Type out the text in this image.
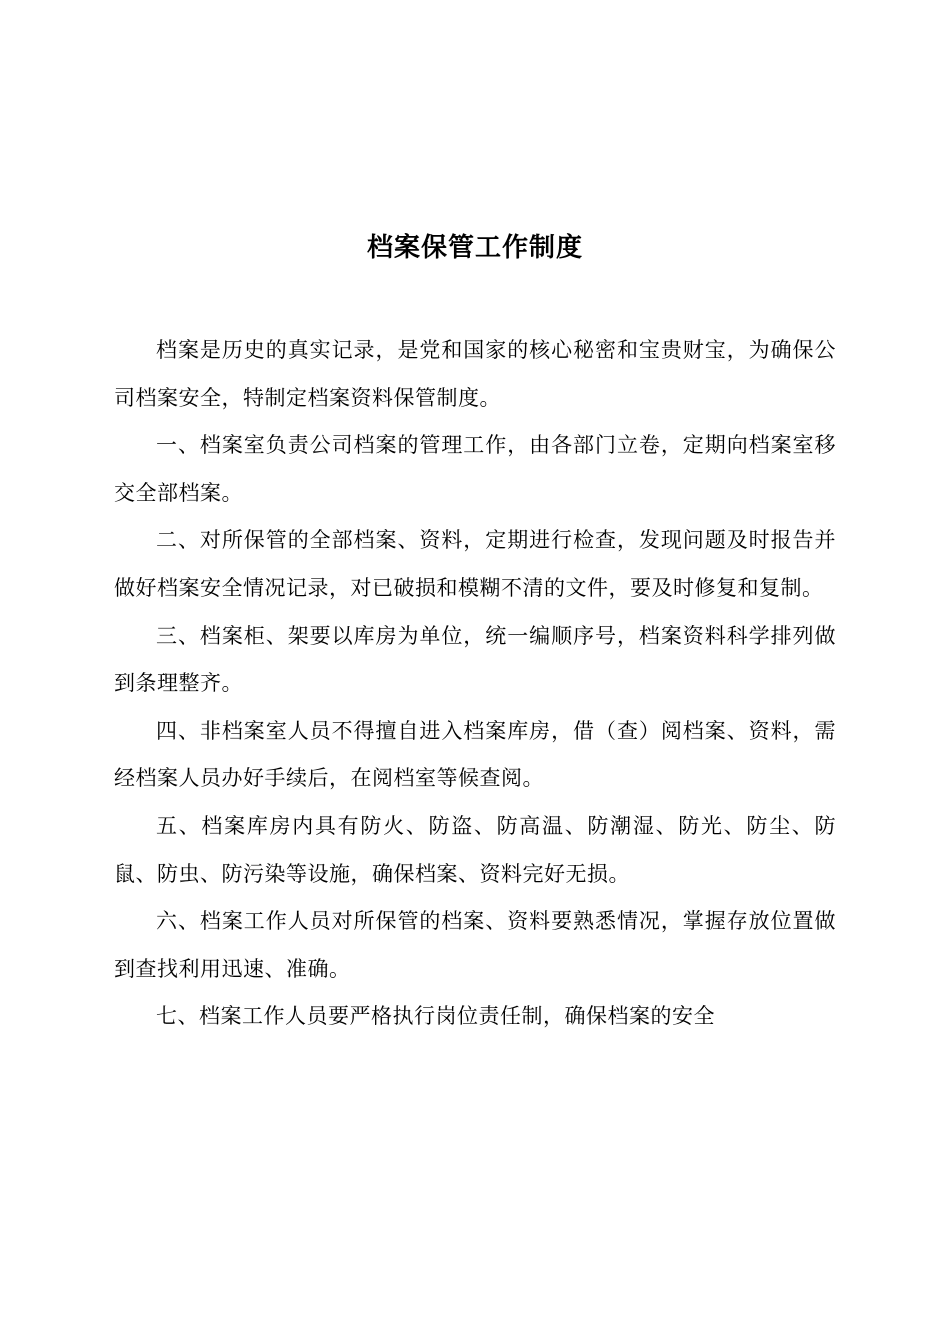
档案保管工作制度

档案是历史的真实记录，是党和国家的核心秘密和宝贵财宝，为确保公司档案安全，特制定档案资料保管制度。

一、档案室负责公司档案的管理工作，由各部门立卷，定期向档案室移交全部档案。

二、对所保管的全部档案、资料，定期进行检查，发现问题及时报告并做好档案安全情况记录，对已破损和模糊不清的文件，要及时修复和复制。

三、档案柜、架要以库房为单位，统一编顺序号，档案资料科学排列做到条理整齐。

四、非档案室人员不得擅自进入档案库房，借（查）阅档案、资料，需经档案人员办好手续后，在阅档室等候查阅。

五、档案库房内具有防火、防盗、防高温、防潮湿、防光、防尘、防鼠、防虫、防污染等设施，确保档案、资料完好无损。

六、档案工作人员对所保管的档案、资料要熟悉情况，掌握存放位置做到查找利用迅速、准确。

七、档案工作人员要严格执行岗位责任制，确保档案的安全
